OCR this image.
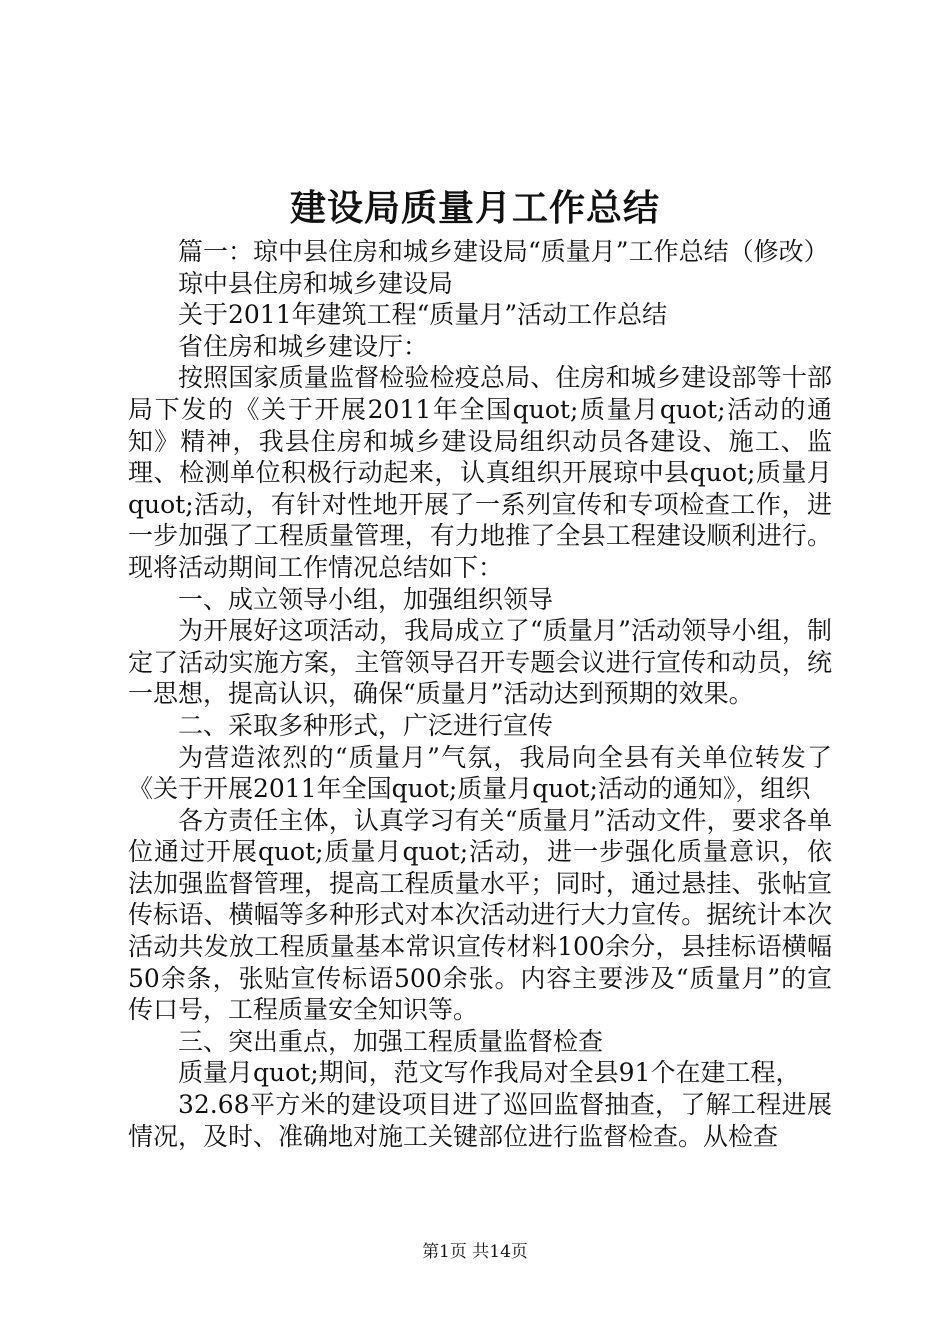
建设局质量月工作总结

篇一：琼中县住房和城乡建设局“质量月”工作总结（修改）

琼中县住房和城乡建设局

关于2011年建筑工程“质量月”活动工作总结

省住房和城乡建设厅：

按照国家质量监督检验检疫总局、住房和城乡建设部等十部局下发的《关于开展2011年全国quot;质量月quot;活动的通知》精神，我县住房和城乡建设局组织动员各建设、施工、监理、检测单位积极行动起来，认真组织开展琼中县quot;质量月quot;活动，有针对性地开展了一系列宣传和专项检查工作，进一步加强了工程质量管理，有力地推了全县工程建设顺利进行。现将活动期间工作情况总结如下：

一、成立领导小组，加强组织领导

为开展好这项活动，我局成立了“质量月”活动领导小组，制定了活动实施方案，主管领导召开专题会议进行宣传和动员，统一思想，提高认识，确保“质量月”活动达到预期的效果。

二、采取多种形式，广泛进行宣传

为营造浓烈的“质量月”气氛，我局向全县有关单位转发了《关于开展2011年全国quot;质量月quot;活动的通知》，组织

各方责任主体，认真学习有关“质量月”活动文件，要求各单位通过开展quot;质量月quot;活动，进一步强化质量意识，依法加强监督管理，提高工程质量水平；同时，通过悬挂、张帖宣传标语、横幅等多种形式对本次活动进行大力宣传。据统计本次活动共发放工程质量基本常识宣传材料100余分，县挂标语横幅50余条，张贴宣传标语500余张。内容主要涉及“质量月”的宣传口号，工程质量安全知识等。

三、突出重点，加强工程质量监督检查

质量月quot;期间，范文写作我局对全县91个在建工程，

32.68平方米的建设项目进了巡回监督抽查，了解工程进展情况，及时、准确地对施工关键部位进行监督检查。从检查

第1页 共14页
